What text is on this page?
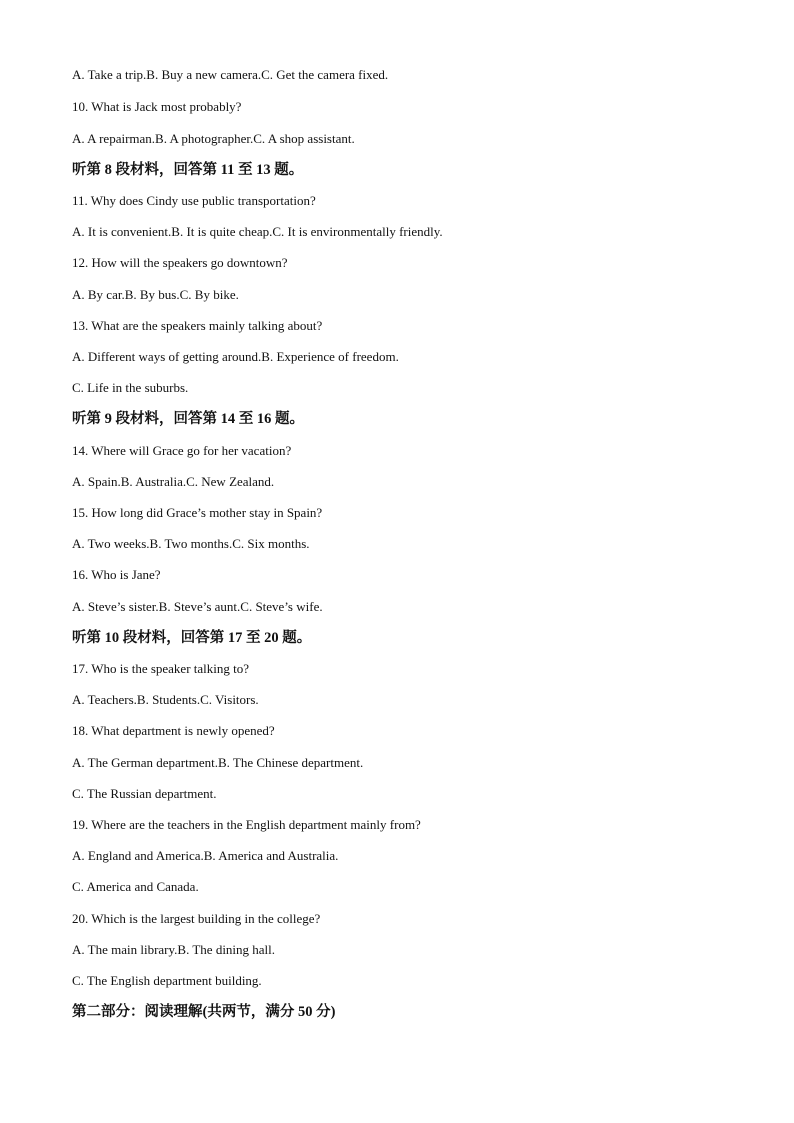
A. Take a trip.B. Buy a new camera.C. Get the camera fixed.
10. What is Jack most probably?
A. A repairman.B. A photographer.C. A shop assistant.
听第 8 段材料，回答第 11 至 13 题。
11. Why does Cindy use public transportation?
A. It is convenient.B. It is quite cheap.C. It is environmentally friendly.
12. How will the speakers go downtown?
A. By car.B. By bus.C. By bike.
13. What are the speakers mainly talking about?
A. Different ways of getting around.B. Experience of freedom.
C. Life in the suburbs.
听第 9 段材料，回答第 14 至 16 题。
14. Where will Grace go for her vacation?
A. Spain.B. Australia.C. New Zealand.
15. How long did Grace’s mother stay in Spain?
A. Two weeks.B. Two months.C. Six months.
16. Who is Jane?
A. Steve’s sister.B. Steve’s aunt.C. Steve’s wife.
听第 10 段材料，回答第 17 至 20 题。
17. Who is the speaker talking to?
A. Teachers.B. Students.C. Visitors.
18. What department is newly opened?
A. The German department.B. The Chinese department.
C. The Russian department.
19. Where are the teachers in the English department mainly from?
A. England and America.B. America and Australia.
C. America and Canada.
20. Which is the largest building in the college?
A. The main library.B. The dining hall.
C. The English department building.
第二部分：阅读理解(共两节，满分 50 分)
